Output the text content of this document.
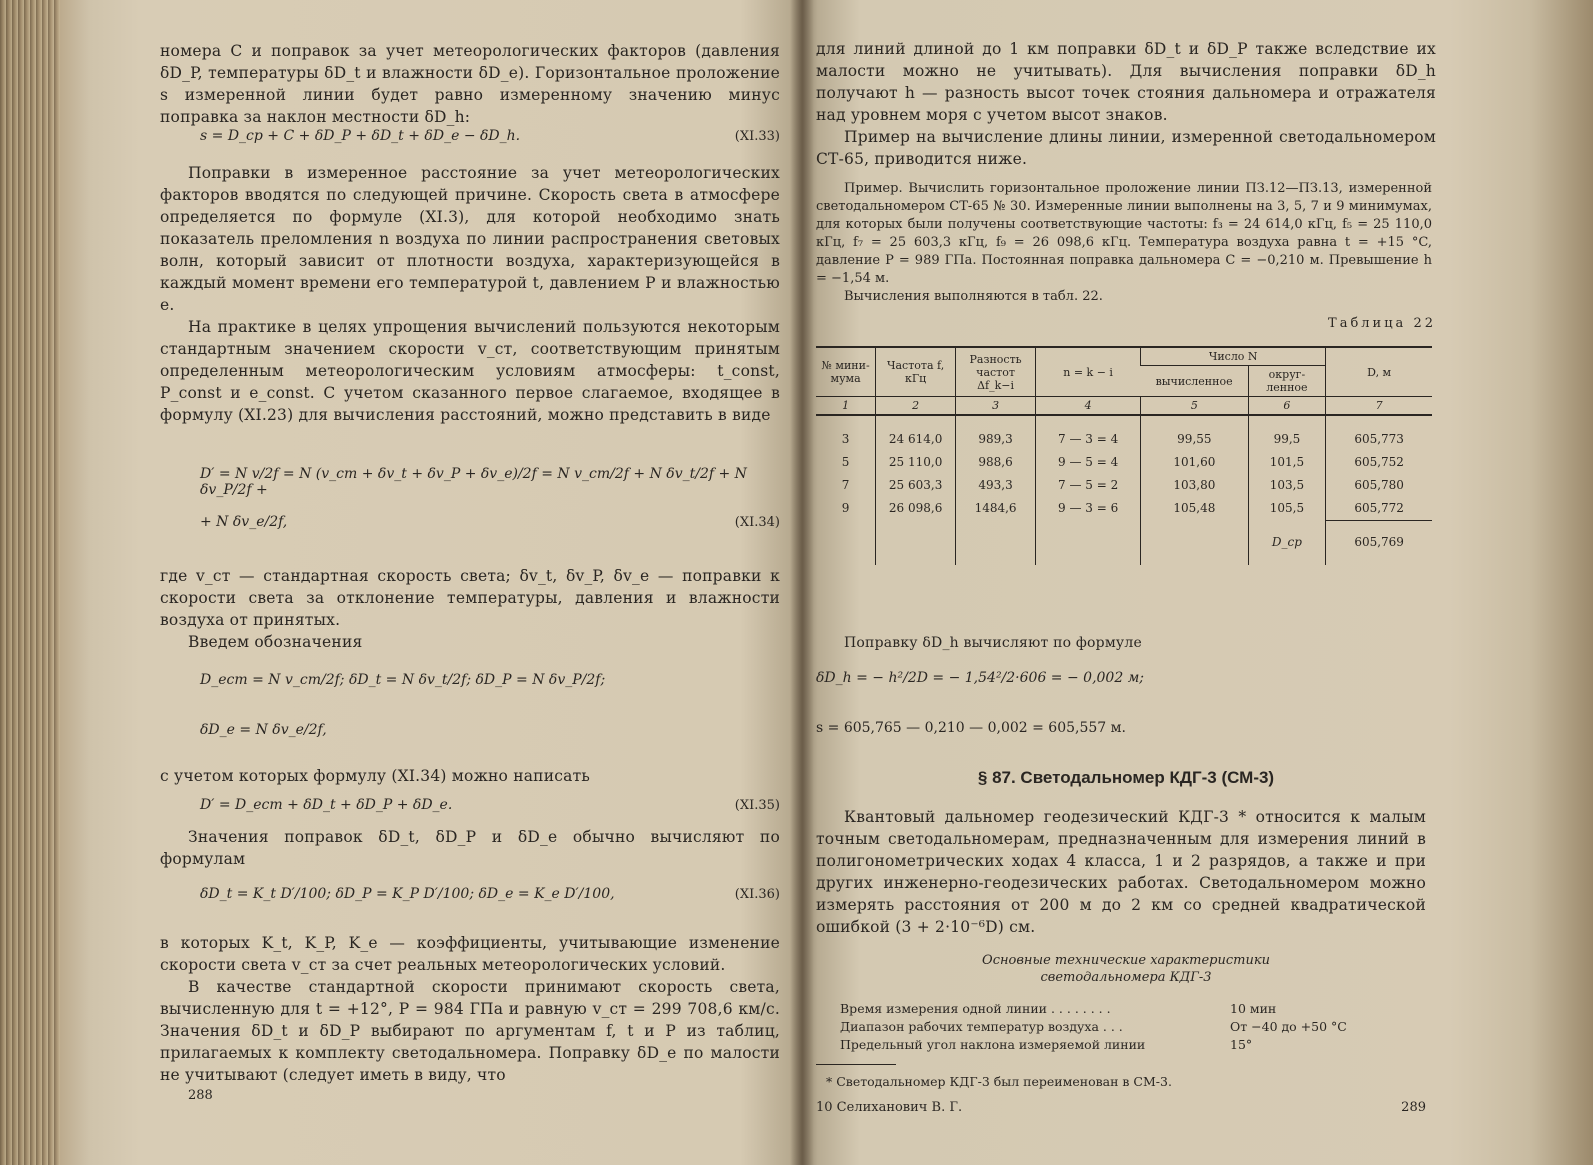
номера C и поправок за учет метеорологических факторов (давления δD_P, температуры δD_t и влажности δD_e). Горизонтальное проложение s измеренной линии будет равно измеренному значению минус поправка за наклон местности δD_h:

s = D_ср + C + δD_P + δD_t + δD_e − δD_h.	(XI.33)

Поправки в измеренное расстояние за учет метеорологических факторов вводятся по следующей причине. Скорость света в атмосфере определяется по формуле (XI.3), для которой необходимо знать показатель преломления n воздуха по линии распространения световых волн, который зависит от плотности воздуха, характеризующейся в каждый момент времени его температурой t, давлением P и влажностью e.

На практике в целях упрощения вычислений пользуются некоторым стандартным значением скорости v_ст, соответствующим принятым определенным метеорологическим условиям атмосферы: t_const, P_const и e_const. С учетом сказанного первое слагаемое, входящее в формулу (XI.23) для вычисления расстояний, можно представить в виде

D′ = N v/2f = N (v_ст + δv_t + δv_P + δv_e)/2f = N v_ст/2f + N δv_t/2f + N δv_P/2f +
+ N δv_e/2f,	(XI.34)

где v_ст — стандартная скорость света; δv_t, δv_P, δv_e — поправки к скорости света за отклонение температуры, давления и влажности воздуха от принятых.

Введем обозначения

D_ест = N v_ст/2f; δD_t = N δv_t/2f; δD_P = N δv_P/2f;
δD_e = N δv_e/2f,

с учетом которых формулу (XI.34) можно написать

D′ = D_ест + δD_t + δD_P + δD_e.	(XI.35)

Значения поправок δD_t, δD_P и δD_e обычно вычисляют по формулам

δD_t = K_t D′/100; δD_P = K_P D′/100; δD_e = K_e D′/100,	(XI.36)

в которых K_t, K_P, K_e — коэффициенты, учитывающие изменение скорости света v_ст за счет реальных метеорологических условий.

В качестве стандартной скорости принимают скорость света, вычисленную для t = +12°, P = 984 ГПа и равную v_ст = 299 708,6 км/с. Значения δD_t и δD_P выбирают по аргументам f, t и P из таблиц, прилагаемых к комплекту светодальномера. Поправку δD_e по малости не учитывают (следует иметь в виду, что

288

для линий длиной до 1 км поправки δD_t и δD_P также вследствие их малости можно не учитывать). Для вычисления поправки δD_h получают h — разность высот точек стояния дальномера и отражателя над уровнем моря с учетом высот знаков.

Пример на вычисление длины линии, измеренной светодальномером СТ-65, приводится ниже.

Пример. Вычислить горизонтальное проложение линии ПЗ.12—ПЗ.13, измеренной светодальномером СТ-65 № 30. Измеренные линии выполнены на 3, 5, 7 и 9 минимумах, для которых были получены соответствующие частоты: f₃ = 24 614,0 кГц, f₅ = 25 110,0 кГц, f₇ = 25 603,3 кГц, f₉ = 26 098,6 кГц. Температура воздуха равна t = +15 °C, давление P = 989 ГПа. Постоянная поправка дальномера C = −0,210 м. Превышение h = −1,54 м.

Вычисления выполняются в табл. 22.

Таблица 22

№ мини-мума	Частота f, кГц	Разность частот Δf_k−i	n = k − i	Число N		D, м
				вычисленное	округ-ленное	
1	2	3	4	5	6	7
3	24 614,0	989,3	7 — 3 = 4	99,55	99,5	605,773
5	25 110,0	988,6	9 — 5 = 4	101,60	101,5	605,752
7	25 603,3	493,3	7 — 5 = 2	103,80	103,5	605,780
9	26 098,6	1484,6	9 — 3 = 6	105,48	105,5	605,772
					D_ср	605,769

Поправку δD_h вычисляют по формуле

δD_h = − h²/2D = − 1,54²/2·606 = − 0,002 м;
s = 605,765 — 0,210 — 0,002 = 605,557 м.

§ 87. Светодальномер КДГ-3 (СМ-3)

Квантовый дальномер геодезический КДГ-3 * относится к малым точным светодальномерам, предназначенным для измерения линий в полигонометрических ходах 4 класса, 1 и 2 разрядов, а также и при других инженерно-геодезических работах. Светодальномером можно измерять расстояния от 200 м до 2 км со средней квадратической ошибкой (3 + 2·10⁻⁶D) см.

Основные технические характеристики

светодальномера КДГ-3

Время измерения одной линии . . . . . . . .	10 мин
Диапазон рабочих температур воздуха . . .	От −40 до +50 °C
Предельный угол наклона измеряемой линии	15°

* Светодальномер КДГ-3 был переименован в СМ-3.

10 Селиханович В. Г.	289
